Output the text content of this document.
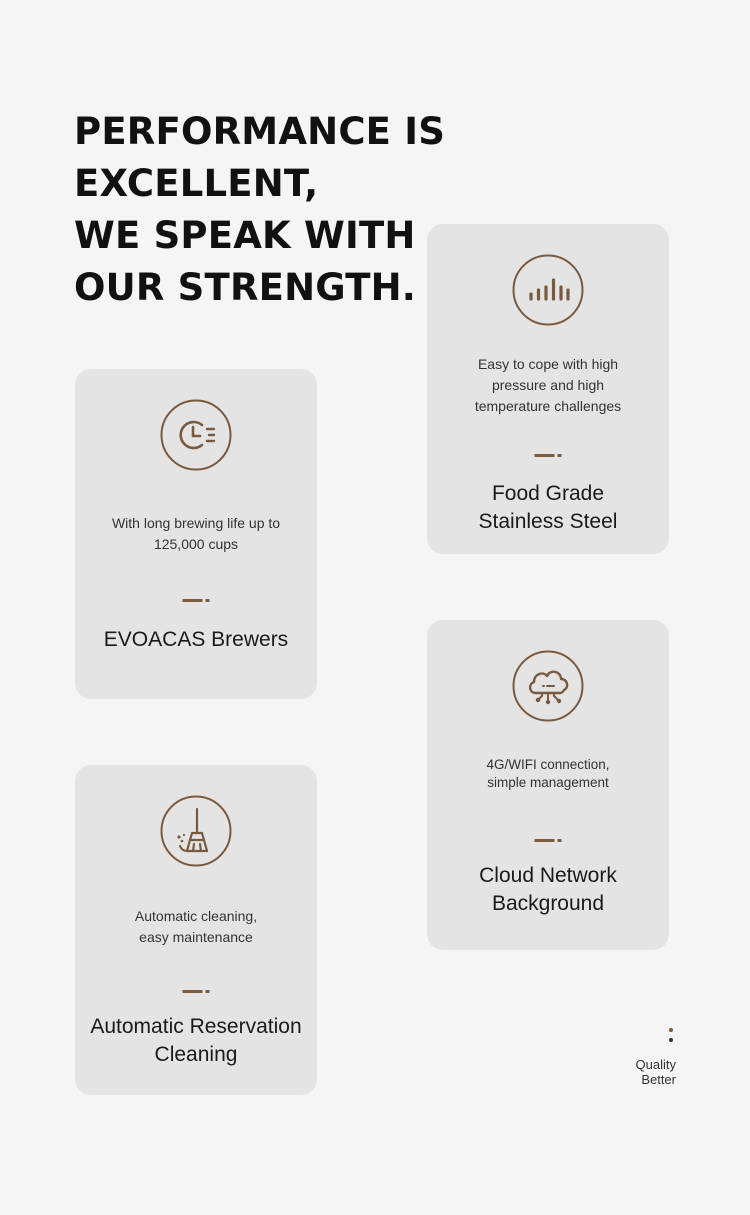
PERFORMANCE IS
EXCELLENT,
WE SPEAK WITH
OUR STRENGTH.
Easy to cope with high
pressure and high
temperature challenges
Food Grade
Stainless Steel
With long brewing life up to
125,000 cups
EVOACAS Brewers
4G/WIFI connection,
simple management
Cloud Network
Background
Automatic cleaning,
easy maintenance
Automatic Reservation
Cleaning	Quality
Better
